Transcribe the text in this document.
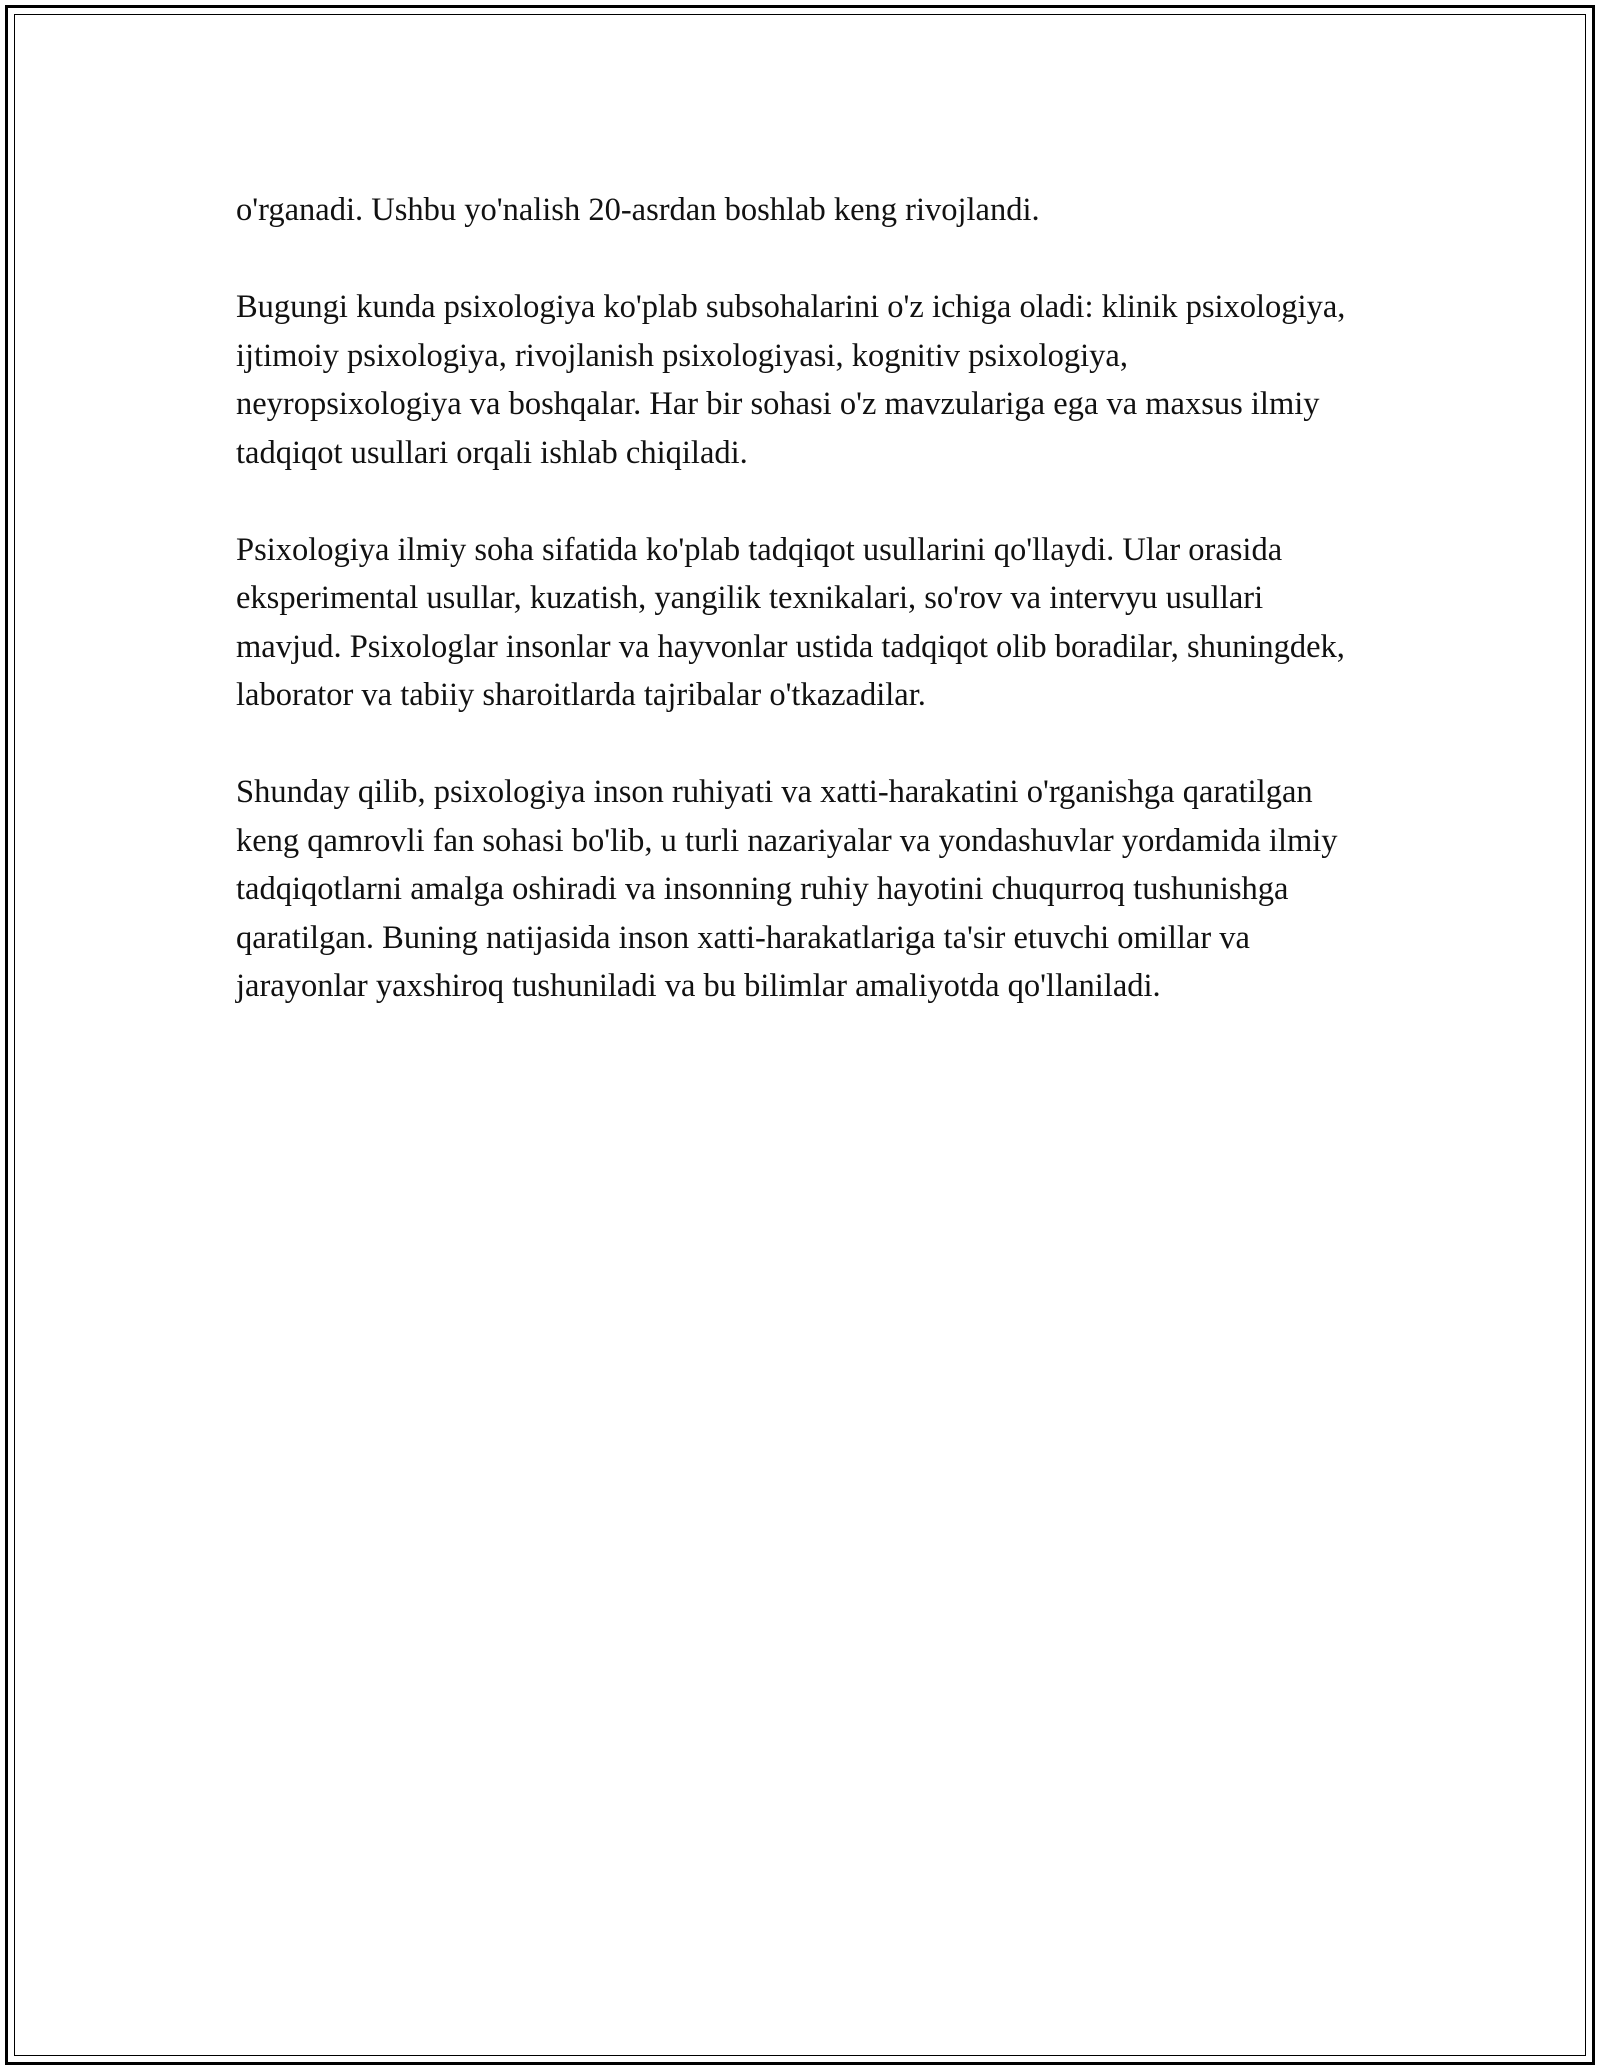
o'rganadi. Ushbu yo'nalish 20-asrdan boshlab keng rivojlandi.

Bugungi kunda psixologiya ko'plab subsohalarini o'z ichiga oladi: klinik psixologiya, ijtimoiy psixologiya, rivojlanish psixologiyasi, kognitiv psixologiya, neyropsixologiya va boshqalar. Har bir sohasi o'z mavzulariga ega va maxsus ilmiy tadqiqot usullari orqali ishlab chiqiladi.

Psixologiya ilmiy soha sifatida ko'plab tadqiqot usullarini qo'llaydi. Ular orasida eksperimental usullar, kuzatish, yangilik texnikalari, so'rov va intervyu usullari mavjud. Psixologlar insonlar va hayvonlar ustida tadqiqot olib boradilar, shuningdek, laborator va tabiiy sharoitlarda tajribalar o'tkazadilar.

Shunday qilib, psixologiya inson ruhiyati va xatti-harakatini o'rganishga qaratilgan keng qamrovli fan sohasi bo'lib, u turli nazariyalar va yondashuvlar yordamida ilmiy tadqiqotlarni amalga oshiradi va insonning ruhiy hayotini chuqurroq tushunishga qaratilgan. Buning natijasida inson xatti-harakatlariga ta'sir etuvchi omillar va jarayonlar yaxshiroq tushuniladi va bu bilimlar amaliyotda qo'llaniladi.
